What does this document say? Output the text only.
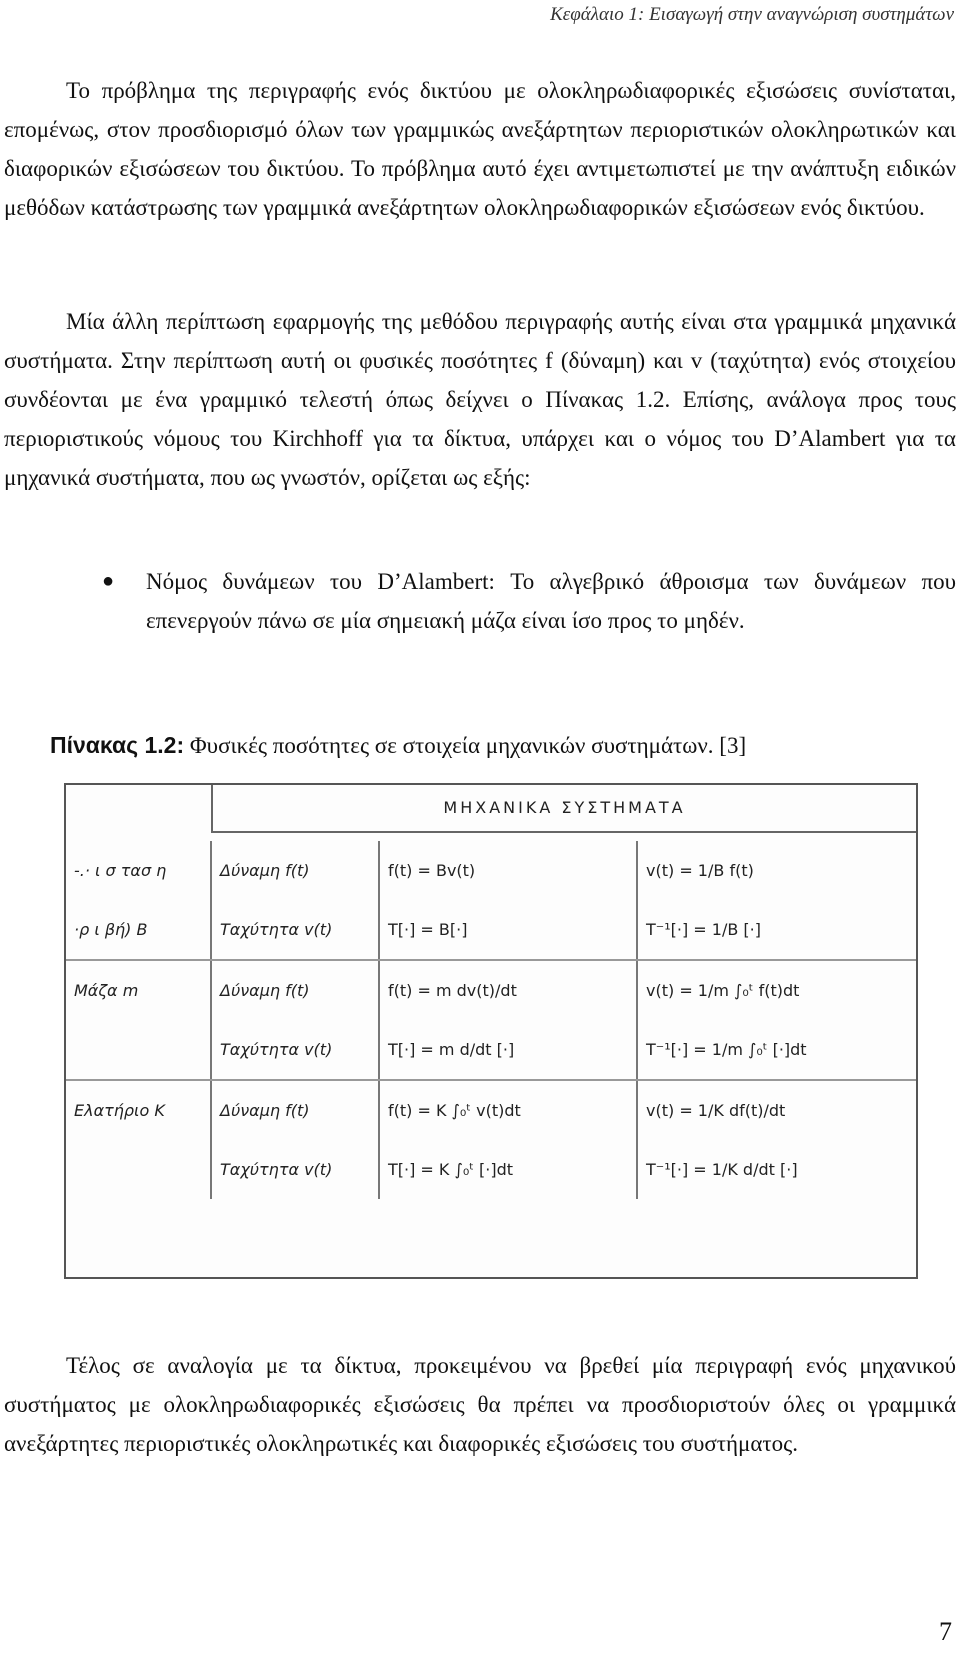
Κεφάλαιο 1: Εισαγωγή στην αναγνώριση συστημάτων

Το πρόβλημα της περιγραφής ενός δικτύου με ολοκληρωδιαφορικές εξισώσεις συνίσταται, επομένως, στον προσδιορισμό όλων των γραμμικώς ανεξάρτητων περιοριστικών ολοκληρωτικών και διαφορικών εξισώσεων του δικτύου. Το πρόβλημα αυτό έχει αντιμετωπιστεί με την ανάπτυξη ειδικών μεθόδων κατάστρωσης των γραμμικά ανεξάρτητων ολοκληρωδιαφορικών εξισώσεων ενός δικτύου.

Μία άλλη περίπτωση εφαρμογής της μεθόδου περιγραφής αυτής είναι στα γραμμικά μηχανικά συστήματα. Στην περίπτωση αυτή οι φυσικές ποσότητες f (δύναμη) και v (ταχύτητα) ενός στοιχείου συνδέονται με ένα γραμμικό τελεστή όπως δείχνει ο Πίνακας 1.2. Επίσης, ανάλογα προς τους περιοριστικούς νόμους του Kirchhoff για τα δίκτυα, υπάρχει και ο νόμος του D’Alambert για τα μηχανικά συστήματα, που ως γνωστόν, ορίζεται ως εξής:

● Νόμος δυνάμεων του D’Alambert: Το αλγεβρικό άθροισμα των δυνάμεων που επενεργούν πάνω σε μία σημειακή μάζα είναι ίσο προς το μηδέν.
Πίνακας 1.2: Φυσικές ποσότητες σε στοιχεία μηχανικών συστημάτων. [3]
ΜΗΧΑΝΙΚΑ ΣΥΣΤΗΜΑΤΑ
-.· ι σ τασ η	Δύναμη f(t)	f(t) = Bv(t)	v(t) = 1/B f(t)
·ρ ι βή) B	Ταχύτητα v(t)	T[·] = B[·]	T⁻¹[·] = 1/B [·]
Μάζα m	Δύναμη f(t)	f(t) = m dv(t)/dt	v(t) = 1/m ∫₀ᵗ f(t)dt
	Ταχύτητα v(t)	T[·] = m d/dt [·]	T⁻¹[·] = 1/m ∫₀ᵗ [·]dt
Ελατήριο K	Δύναμη f(t)	f(t) = K ∫₀ᵗ v(t)dt	v(t) = 1/K df(t)/dt
	Ταχύτητα v(t)	T[·] = K ∫₀ᵗ [·]dt	T⁻¹[·] = 1/K d/dt [·]

Τέλος σε αναλογία με τα δίκτυα, προκειμένου να βρεθεί μία περιγραφή ενός μηχανικού συστήματος με ολοκληρωδιαφορικές εξισώσεις θα πρέπει να προσδιοριστούν όλες οι γραμμικά ανεξάρτητες περιοριστικές ολοκληρωτικές και διαφορικές εξισώσεις του συστήματος.

7
